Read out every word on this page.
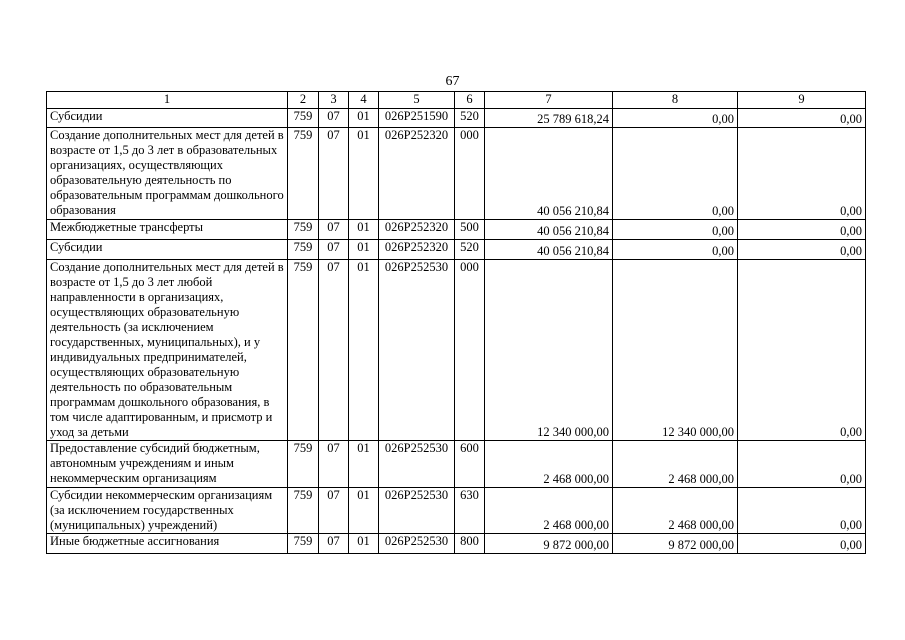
67
1	2	3	4	5	6	7	8	9
Субсидии	759	07	01	026P251590	520	25 789 618,24	0,00	0,00
Создание дополнительных мест для детей в возрасте от 1,5 до 3 лет в образовательных организациях, осуществляющих образовательную деятельность по образовательным программам дошкольного образования	759	07	01	026P252320	000	40 056 210,84	0,00	0,00
Межбюджетные трансферты	759	07	01	026P252320	500	40 056 210,84	0,00	0,00
Субсидии	759	07	01	026P252320	520	40 056 210,84	0,00	0,00
Создание дополнительных мест для детей в возрасте от 1,5 до 3 лет любой направленности в организациях, осуществляющих образовательную деятельность (за исключением государственных, муниципальных), и у индивидуальных предпринимателей, осуществляющих образовательную деятельность по образовательным программам дошкольного образования, в том числе адаптированным, и присмотр и уход за детьми	759	07	01	026P252530	000	12 340 000,00	12 340 000,00	0,00
Предоставление субсидий бюджетным, автономным учреждениям и иным некоммерческим организациям	759	07	01	026P252530	600	2 468 000,00	2 468 000,00	0,00
Субсидии некоммерческим организациям (за исключением государственных (муниципальных) учреждений)	759	07	01	026P252530	630	2 468 000,00	2 468 000,00	0,00
Иные бюджетные ассигнования	759	07	01	026P252530	800	9 872 000,00	9 872 000,00	0,00
